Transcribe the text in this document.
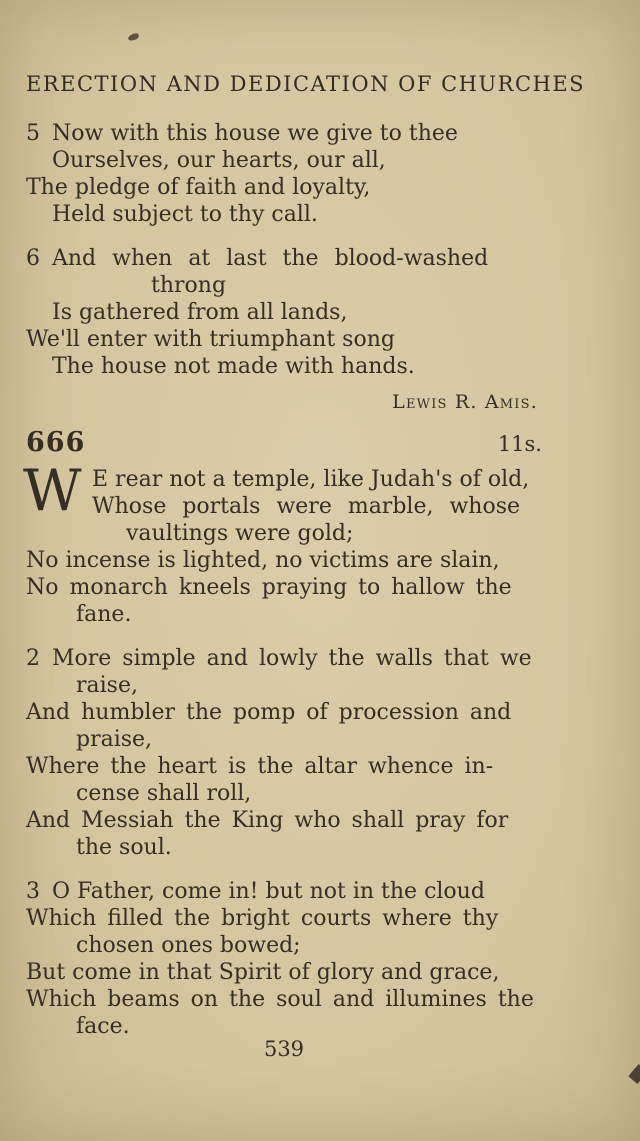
ERECTION AND DEDICATION OF CHURCHES
5 Now with this house we give to thee
Ourselves, our hearts, our all,
The pledge of faith and loyalty,
Held subject to thy call.
6 And when at last the blood-washed
throng
Is gathered from all lands,
We'll enter with triumphant song
The house not made with hands.
Lewis R. Amis.
666	11s.
W E rear not a temple, like Judah's of old,
Whose portals were marble, whose
vaultings were gold;
No incense is lighted, no victims are slain,
No monarch kneels praying to hallow the
fane.
2 More simple and lowly the walls that we
raise,
And humbler the pomp of procession and
praise,
Where the heart is the altar whence in-
cense shall roll,
And Messiah the King who shall pray for
the soul.
3 O Father, come in! but not in the cloud
Which filled the bright courts where thy
chosen ones bowed;
But come in that Spirit of glory and grace,
Which beams on the soul and illumines the
face.
539
